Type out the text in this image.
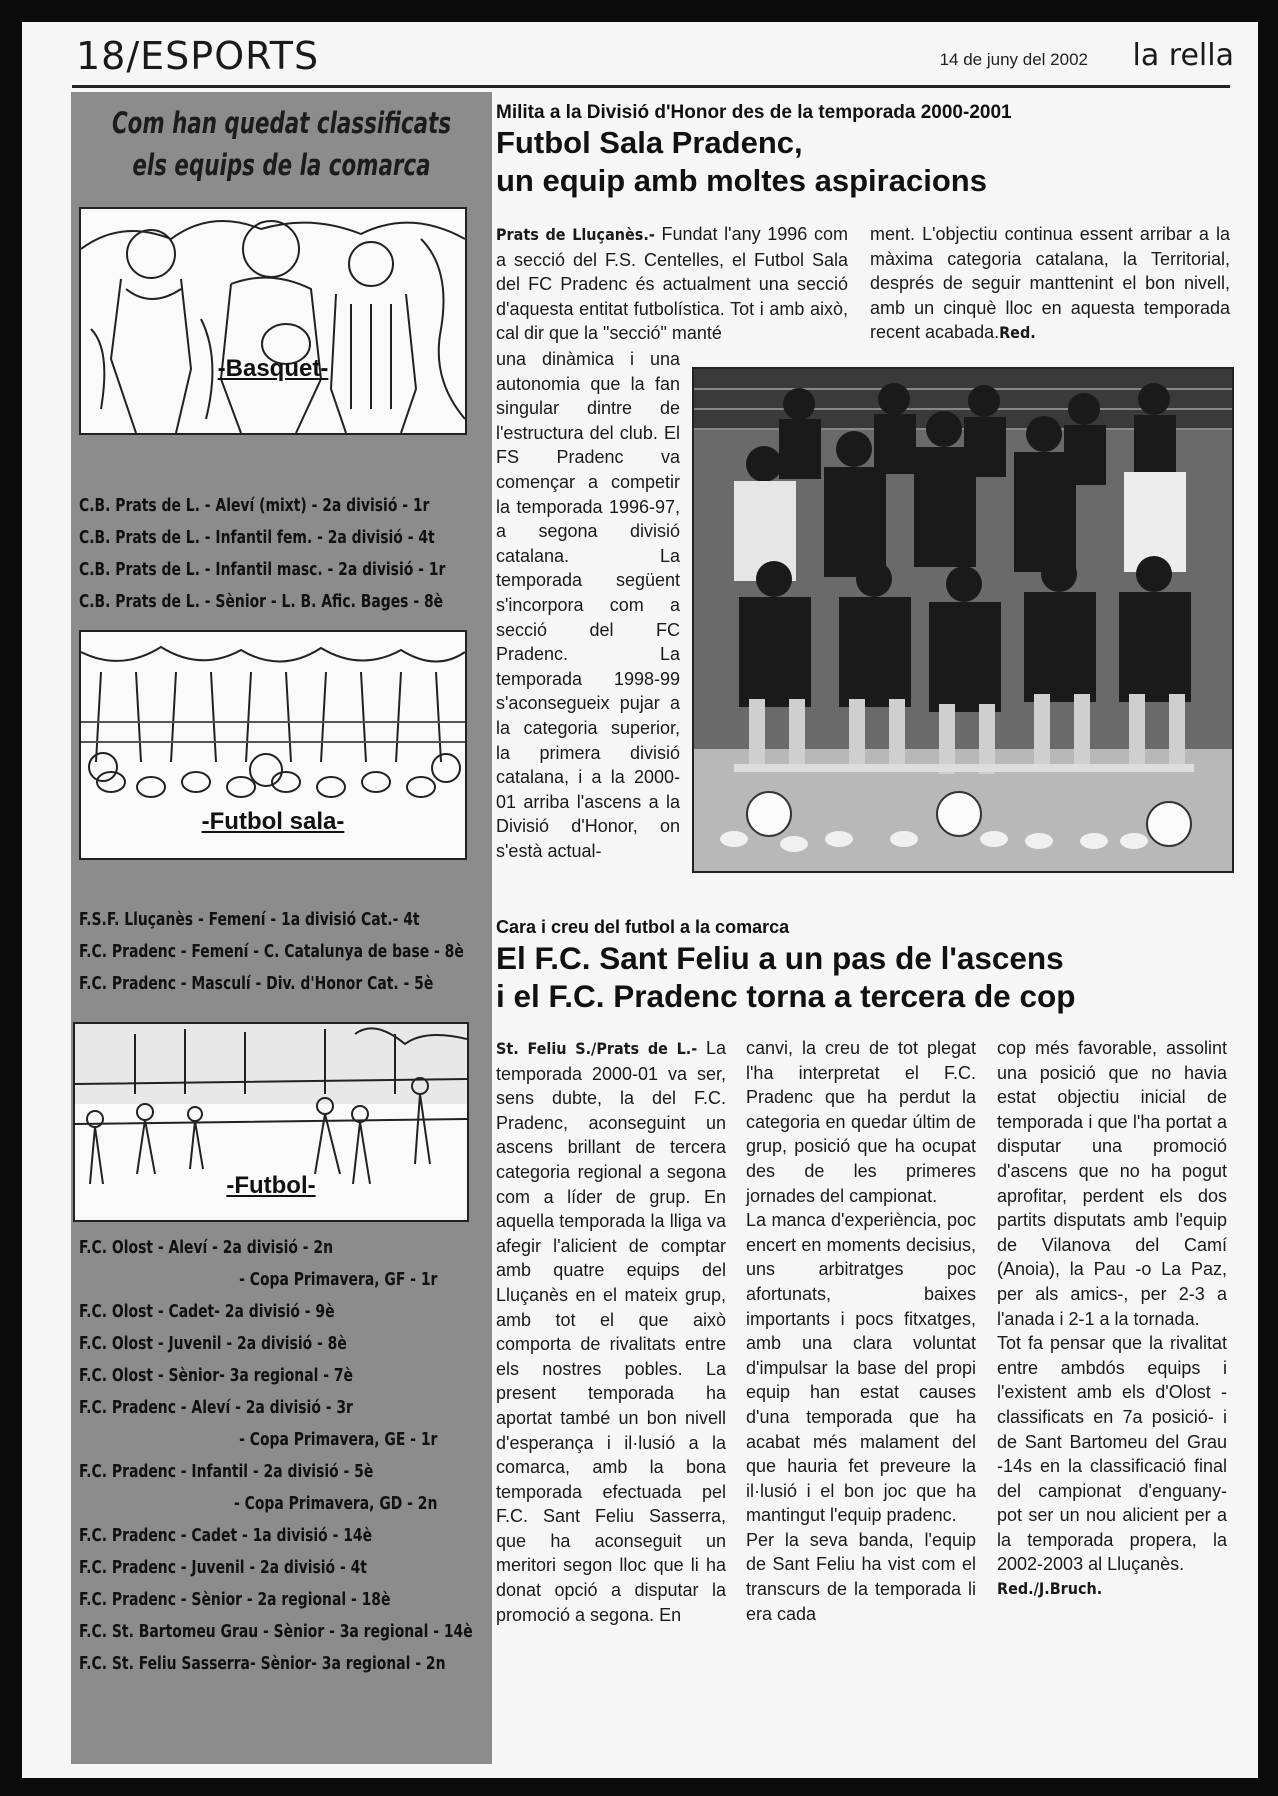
18/ESPORTS	14 de juny del 2002 la rella
Com han quedat classificats
els equips de la comarca
-Basquet-
C.B. Prats de L. - Aleví (mixt) - 2a divisió - 1r
C.B. Prats de L. - Infantil fem. - 2a divisió - 4t
C.B. Prats de L. - Infantil masc. - 2a divisió - 1r
C.B. Prats de L. - Sènior - L. B. Afic. Bages - 8è
-Futbol sala-
F.S.F. Lluçanès - Femení - 1a divisió Cat.- 4t
F.C. Pradenc - Femení - C. Catalunya de base - 8è
F.C. Pradenc - Masculí - Div. d'Honor Cat. - 5è
-Futbol-
F.C. Olost - Aleví - 2a divisió - 2n
- Copa Primavera, GF - 1r
F.C. Olost - Cadet- 2a divisió - 9è
F.C. Olost - Juvenil - 2a divisió - 8è
F.C. Olost - Sènior- 3a regional - 7è
F.C. Pradenc - Aleví - 2a divisió - 3r
- Copa Primavera, GE - 1r
F.C. Pradenc - Infantil - 2a divisió - 5è
- Copa Primavera, GD - 2n
F.C. Pradenc - Cadet - 1a divisió - 14è
F.C. Pradenc - Juvenil - 2a divisió - 4t
F.C. Pradenc - Sènior - 2a regional - 18è
F.C. St. Bartomeu Grau - Sènior - 3a regional - 14è
F.C. St. Feliu Sasserra- Sènior- 3a regional - 2n
Milita a la Divisió d'Honor des de la temporada 2000-2001
Futbol Sala Pradenc,
un equip amb moltes aspiracions
Prats de Lluçanès.- Fundat l'any 1996 com a secció del F.S. Centelles, el Futbol Sala del FC Pradenc és actualment una secció d'aquesta entitat futbolística. Tot i amb això, cal dir que la "secció" manté
una dinàmica i una autonomia que la fan singular dintre de l'estructura del club. El FS Pradenc va començar a competir la temporada 1996-97, a segona divisió catalana. La temporada següent s'incorpora com a secció del FC Pradenc. La temporada 1998-99 s'aconsegueix pujar a la categoria superior, la primera divisió catalana, i a la 2000-01 arriba l'ascens a la Divisió d'Honor, on s'està actual-
ment. L'objectiu continua essent arribar a la màxima categoria catalana, la Territorial, després de seguir manttenint el bon nivell, amb un cinquè lloc en aquesta temporada recent acabada.Red.
Cara i creu del futbol a la comarca
El F.C. Sant Feliu a un pas de l'ascens
i el F.C. Pradenc torna a tercera de cop
St. Feliu S./Prats de L.- La temporada 2000-01 va ser, sens dubte, la del F.C. Pradenc, aconseguint un ascens brillant de tercera categoria regional a segona com a líder de grup. En aquella temporada la lliga va afegir l'alicient de comptar amb quatre equips del Lluçanès en el mateix grup, amb tot el que això comporta de rivalitats entre els nostres pobles. La present temporada ha aportat també un bon nivell d'esperança i il·lusió a la comarca, amb la bona temporada efectuada pel F.C. Sant Feliu Sasserra, que ha aconseguit un meritori segon lloc que li ha donat opció a disputar la promoció a segona. En
canvi, la creu de tot plegat l'ha interpretat el F.C. Pradenc que ha perdut la categoria en quedar últim de grup, posició que ha ocupat des de les primeres jornades del campionat.
La manca d'experiència, poc encert en moments decisius, uns arbitratges poc afortunats, baixes importants i pocs fitxatges, amb una clara voluntat d'impulsar la base del propi equip han estat causes d'una temporada que ha acabat més malament del que hauria fet preveure la il·lusió i el bon joc que ha mantingut l'equip pradenc.
Per la seva banda, l'equip de Sant Feliu ha vist com el transcurs de la temporada li era cada
cop més favorable, assolint una posició que no havia estat objectiu inicial de temporada i que l'ha portat a disputar una promoció d'ascens que no ha pogut aprofitar, perdent els dos partits disputats amb l'equip de Vilanova del Camí (Anoia), la Pau -o La Paz, per als amics-, per 2-3 a l'anada i 2-1 a la tornada.
Tot fa pensar que la rivalitat entre ambdós equips i l'existent amb els d'Olost -classificats en 7a posició- i de Sant Bartomeu del Grau -14s en la classificació final del campionat d'enguany- pot ser un nou alicient per a la temporada propera, la 2002-2003 al Lluçanès.
Red./J.Bruch.
